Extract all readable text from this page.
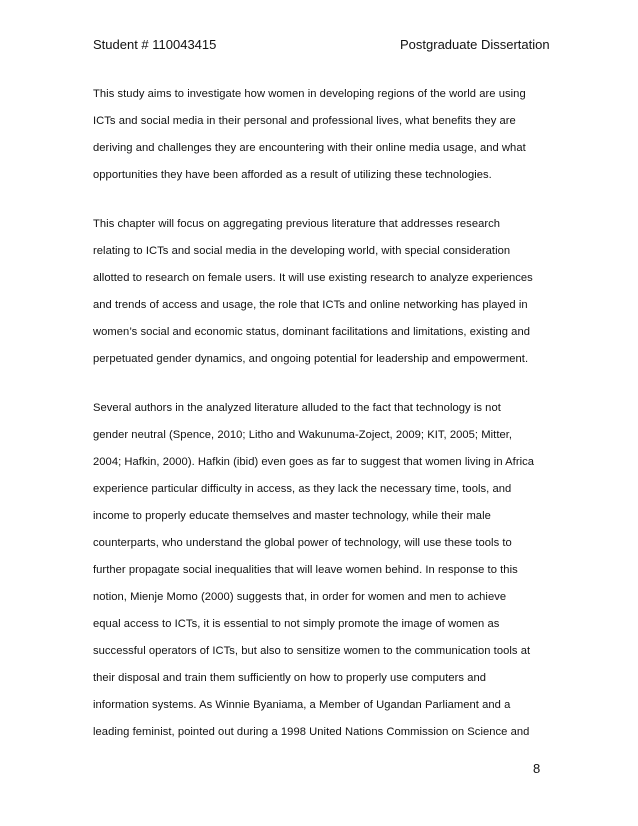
Student # 110043415	Postgraduate Dissertation
This study aims to investigate how women in developing regions of the world are using
ICTs and social media in their personal and professional lives, what benefits they are
deriving and challenges they are encountering with their online media usage, and what
opportunities they have been afforded as a result of utilizing these technologies.
This chapter will focus on aggregating previous literature that addresses research
relating to ICTs and social media in the developing world, with special consideration
allotted to research on female users. It will use existing research to analyze experiences
and trends of access and usage, the role that ICTs and online networking has played in
women’s social and economic status, dominant facilitations and limitations, existing and
perpetuated gender dynamics, and ongoing potential for leadership and empowerment.
Several authors in the analyzed literature alluded to the fact that technology is not
gender neutral (Spence, 2010; Litho and Wakunuma-Zoject, 2009; KIT, 2005; Mitter,
2004; Hafkin, 2000). Hafkin (ibid) even goes as far to suggest that women living in Africa
experience particular difficulty in access, as they lack the necessary time, tools, and
income to properly educate themselves and master technology, while their male
counterparts, who understand the global power of technology, will use these tools to
further propagate social inequalities that will leave women behind. In response to this
notion, Mienje Momo (2000) suggests that, in order for women and men to achieve
equal access to ICTs, it is essential to not simply promote the image of women as
successful operators of ICTs, but also to sensitize women to the communication tools at
their disposal and train them sufficiently on how to properly use computers and
information systems. As Winnie Byaniama, a Member of Ugandan Parliament and a
leading feminist, pointed out during a 1998 United Nations Commission on Science and
8
